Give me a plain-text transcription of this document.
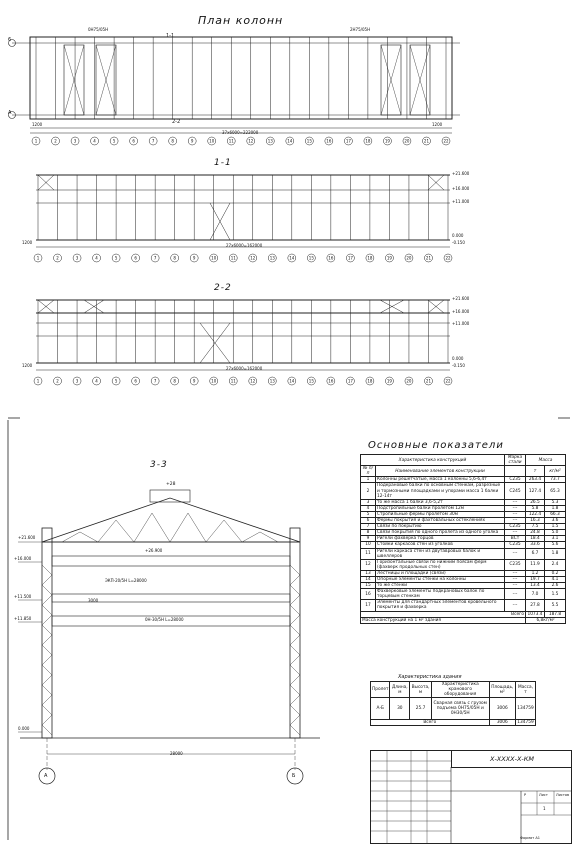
План колонн
1	2	3	4	5	6	7	8	9	10	11	12	13	14	15	16	17	18	19	20	21	22
1	2	3	4	5	6	7	8	9	10	11	12	13	14	15	16	17	18	19	20	21	22
1	2	3	4	5	6	7	8	9	10	11	12	13	14	15	16	17	18	19	20	21	22
6
A
37x6000=222000
1200	1200
1-1
2-2
0Н75/05Н	2Н75/05Н
1-1
2-2
+21.600
+16.000
+11.000
0.000
-0.150
27x6000=162000
1200
+21.600
+16.000
+11.000
0.000
-0.150
27x6000=162000
1200
3-3
+21.600
+16.000
+11.500
+11.850
0.000
+28
+26.900
ЭКП-20/5Н L=28000
0Н-30/5Н L=28000
3000
28000
А	Б
Основные показатели
Характеристика конструкций		Марка стали	Масса	
№ п/п	Наименование элементов конструкции		т	кг/м²
1	Колонны решетчатые, масса 1 колонны 5,6-6,4т	С235	263.4	73.7
2	Подкрановые балки по основным стенкам, разрезные и тормозными площадками и упорами масса 1 балки 12-14т	С245	127.4	65.3
3	то же масса 1 балки 3,6-5,2т	---	26.5	5.3
4	Подстропильные балки пролетом 12м	---	5.8	1.8
5	Стропильные фермы пролетом 30м	---	122.4	66.3
6	Фермы покрытия и фахтовальных остеклениях	---	16.3	3.6
7	Связи по покрытию	С235	7.5	1.5
8	Связи покрытия по одного пролета из одного уголка	---	24.8	5.0
9	Ригели фахверка торцов	ВСт	18.4	3.1
10	Стойки каркасов стен из уголков	С235	33.6	5.6
11	Ригели каркаса стен из двутавровых балок и швеллеров	---	6.7	1.8
12	Горизонтальные связи по нижним поясам ферм (фахверк продольных стен)	С235	11.9	2.4
13	Лестницы и площадки (связи)	---	1.2	0.2
14	Опорные элементы стенки на колонны	---	19.7	4.1
15	то же стенки	---	13.4	2.6
16	Фахверковые элементы подкрановых балок по торцевым стенкам	---	7.0	1.5
17	Элементы для стандартных элементов кровельного покрытия и фахверка	---	27.8	5.5
Всего			1073.4	187.8
Масса конструкций на 1 м² здания			6,8кг/м²	
Характеристика здания
Пролет	Длина, м	Высота, м	Характеристика кранового оборудования	Площадь, м²	Масса, т
А-Б	30	25.7	Сварная связь с грузом подъема 0Н75/05Н и 0Н30/5Н	3006	134759
Всего				3006	134759
Х-ХХХХ-Х-КМ
Р	Лист Листов
1
Формат А1
